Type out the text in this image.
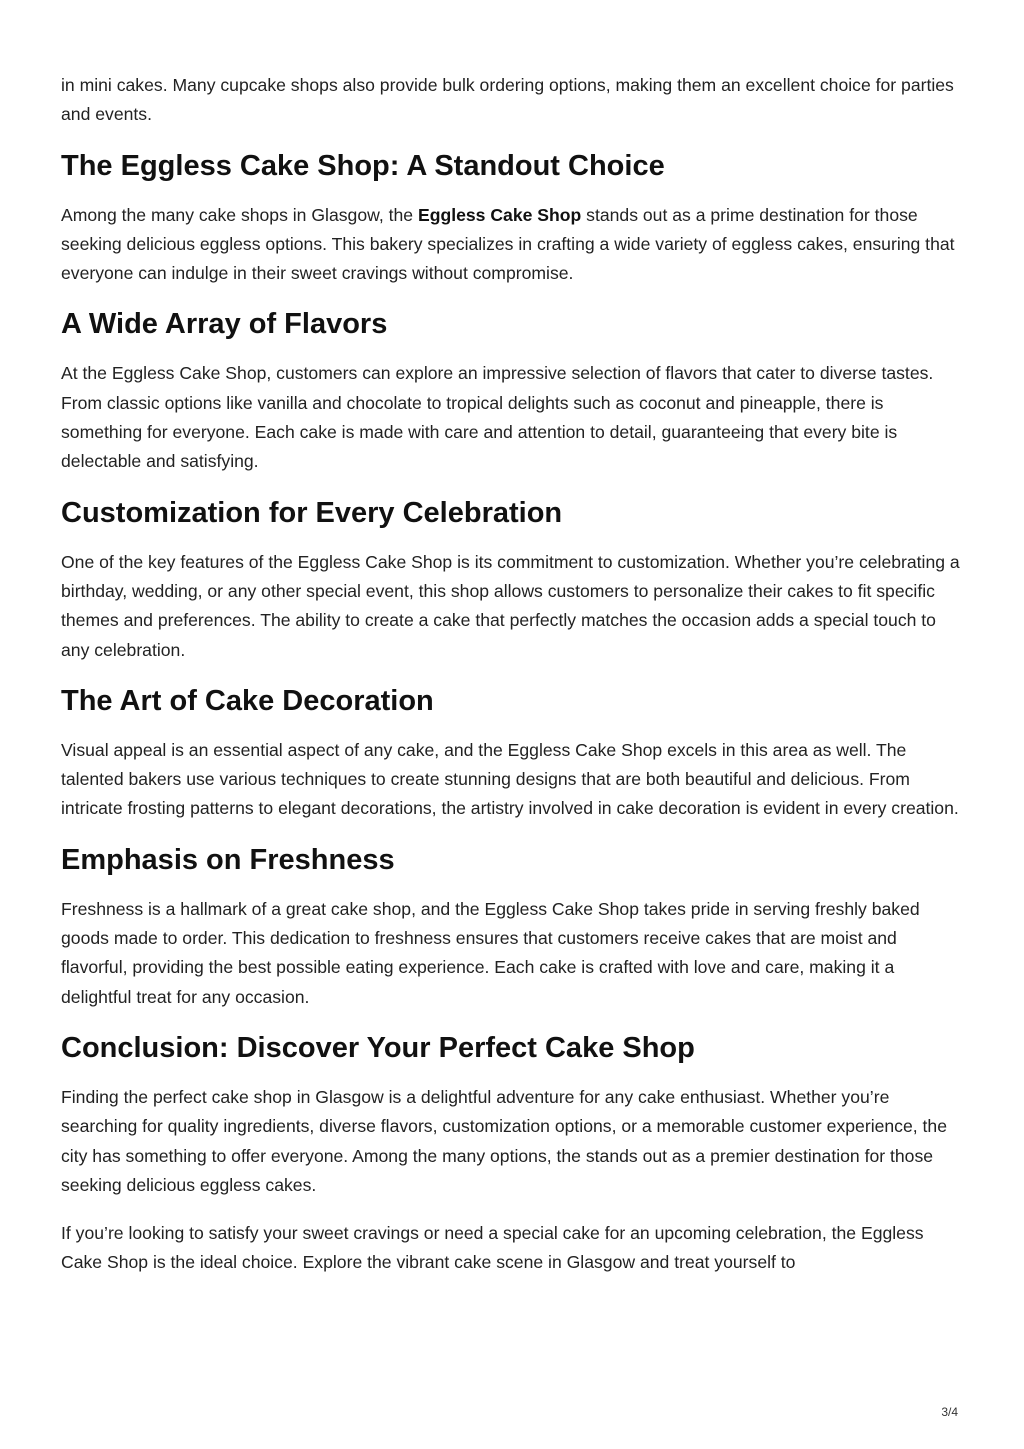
in mini cakes. Many cupcake shops also provide bulk ordering options, making them an excellent choice for parties and events.

The Eggless Cake Shop: A Standout Choice

Among the many cake shops in Glasgow, the Eggless Cake Shop stands out as a prime destination for those seeking delicious eggless options. This bakery specializes in crafting a wide variety of eggless cakes, ensuring that everyone can indulge in their sweet cravings without compromise.

A Wide Array of Flavors

At the Eggless Cake Shop, customers can explore an impressive selection of flavors that cater to diverse tastes. From classic options like vanilla and chocolate to tropical delights such as coconut and pineapple, there is something for everyone. Each cake is made with care and attention to detail, guaranteeing that every bite is delectable and satisfying.

Customization for Every Celebration

One of the key features of the Eggless Cake Shop is its commitment to customization. Whether you’re celebrating a birthday, wedding, or any other special event, this shop allows customers to personalize their cakes to fit specific themes and preferences. The ability to create a cake that perfectly matches the occasion adds a special touch to any celebration.

The Art of Cake Decoration

Visual appeal is an essential aspect of any cake, and the Eggless Cake Shop excels in this area as well. The talented bakers use various techniques to create stunning designs that are both beautiful and delicious. From intricate frosting patterns to elegant decorations, the artistry involved in cake decoration is evident in every creation.

Emphasis on Freshness

Freshness is a hallmark of a great cake shop, and the Eggless Cake Shop takes pride in serving freshly baked goods made to order. This dedication to freshness ensures that customers receive cakes that are moist and flavorful, providing the best possible eating experience. Each cake is crafted with love and care, making it a delightful treat for any occasion.

Conclusion: Discover Your Perfect Cake Shop

Finding the perfect cake shop in Glasgow is a delightful adventure for any cake enthusiast. Whether you’re searching for quality ingredients, diverse flavors, customization options, or a memorable customer experience, the city has something to offer everyone. Among the many options, the stands out as a premier destination for those seeking delicious eggless cakes.

If you’re looking to satisfy your sweet cravings or need a special cake for an upcoming celebration, the Eggless Cake Shop is the ideal choice. Explore the vibrant cake scene in Glasgow and treat yourself to

3/4
